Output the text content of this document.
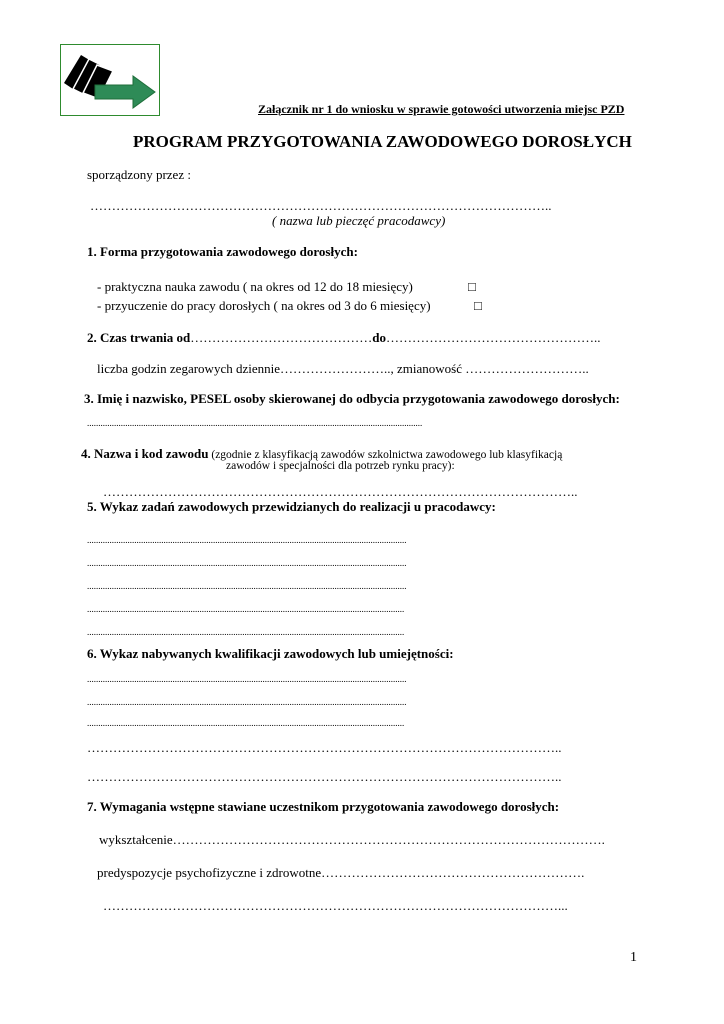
Załącznik nr 1 do wniosku w sprawie gotowości utworzenia miejsc PZD
PROGRAM PRZYGOTOWANIA ZAWODOWEGO DOROSŁYCH
sporządzony przez :
……………………………………………………………………………………………..
( nazwa lub pieczęć pracodawcy)
1. Forma przygotowania zawodowego dorosłych:
- praktyczna nauka zawodu ( na okres od 12 do 18 miesięcy)	□
- przyuczenie do pracy dorosłych ( na okres od 3 do 6 miesięcy)	□
2. Czas trwania od……………………………………do…………………………………………..
liczba godzin zegarowych dziennie…………………….., zmianowość ………………………..
3. Imię i nazwisko, PESEL osoby skierowanej do odbycia przygotowania zawodowego dorosłych:
.....................................................................................................................................................
4. Nazwa i kod zawodu (zgodnie z klasyfikacją zawodów szkolnictwa zawodowego lub klasyfikacją
zawodów i specjalności dla potrzeb rynku pracy):
………………………………………………………………………………………………..
5. Wykaz zadań zawodowych przewidzianych do realizacji u pracodawcy:
..............................................................................................................................................
..............................................................................................................................................
..............................................................................................................................................
.............................................................................................................................................
.............................................................................................................................................
6. Wykaz nabywanych kwalifikacji zawodowych lub umiejętności:
..............................................................................................................................................
..............................................................................................................................................
.............................................................................................................................................
………………………………………………………………………………………………..
………………………………………………………………………………………………..
7. Wymagania wstępne stawiane uczestnikom przygotowania zawodowego dorosłych:
wykształcenie……………………………………………………………………………………….
predyspozycje psychofizyczne i zdrowotne…………………………………………………….
……………………………………………………………………………………………...
1
